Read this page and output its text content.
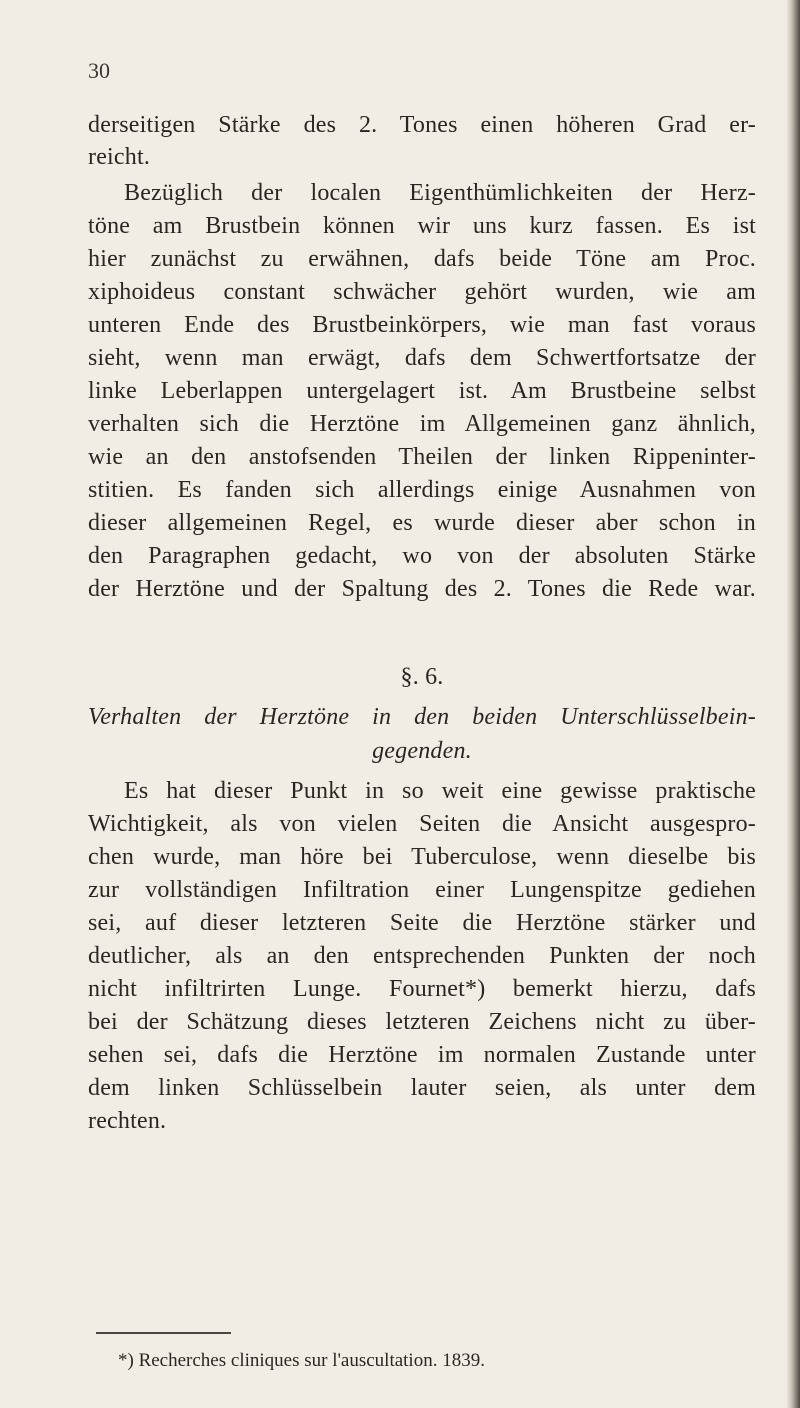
30
derseitigen Stärke des 2. Tones einen höheren Grad er-
reicht.
Bezüglich der localen Eigenthümlichkeiten der Herz-
töne am Brustbein können wir uns kurz fassen. Es ist
hier zunächst zu erwähnen, dafs beide Töne am Proc.
xiphoideus constant schwächer gehört wurden, wie am
unteren Ende des Brustbeinkörpers, wie man fast voraus
sieht, wenn man erwägt, dafs dem Schwertfortsatze der
linke Leberlappen untergelagert ist. Am Brustbeine selbst
verhalten sich die Herztöne im Allgemeinen ganz ähnlich,
wie an den anstofsenden Theilen der linken Rippeninter-
stitien. Es fanden sich allerdings einige Ausnahmen von
dieser allgemeinen Regel, es wurde dieser aber schon in
den Paragraphen gedacht, wo von der absoluten Stärke
der Herztöne und der Spaltung des 2. Tones die Rede war.
§. 6.
Verhalten der Herztöne in den beiden Unterschlüsselbein-
gegenden.
Es hat dieser Punkt in so weit eine gewisse praktische
Wichtigkeit, als von vielen Seiten die Ansicht ausgespro-
chen wurde, man höre bei Tuberculose, wenn dieselbe bis
zur vollständigen Infiltration einer Lungenspitze gediehen
sei, auf dieser letzteren Seite die Herztöne stärker und
deutlicher, als an den entsprechenden Punkten der noch
nicht infiltrirten Lunge. Fournet*) bemerkt hierzu, dafs
bei der Schätzung dieses letzteren Zeichens nicht zu über-
sehen sei, dafs die Herztöne im normalen Zustande unter
dem linken Schlüsselbein lauter seien, als unter dem
rechten.
*) Recherches cliniques sur l'auscultation. 1839.
